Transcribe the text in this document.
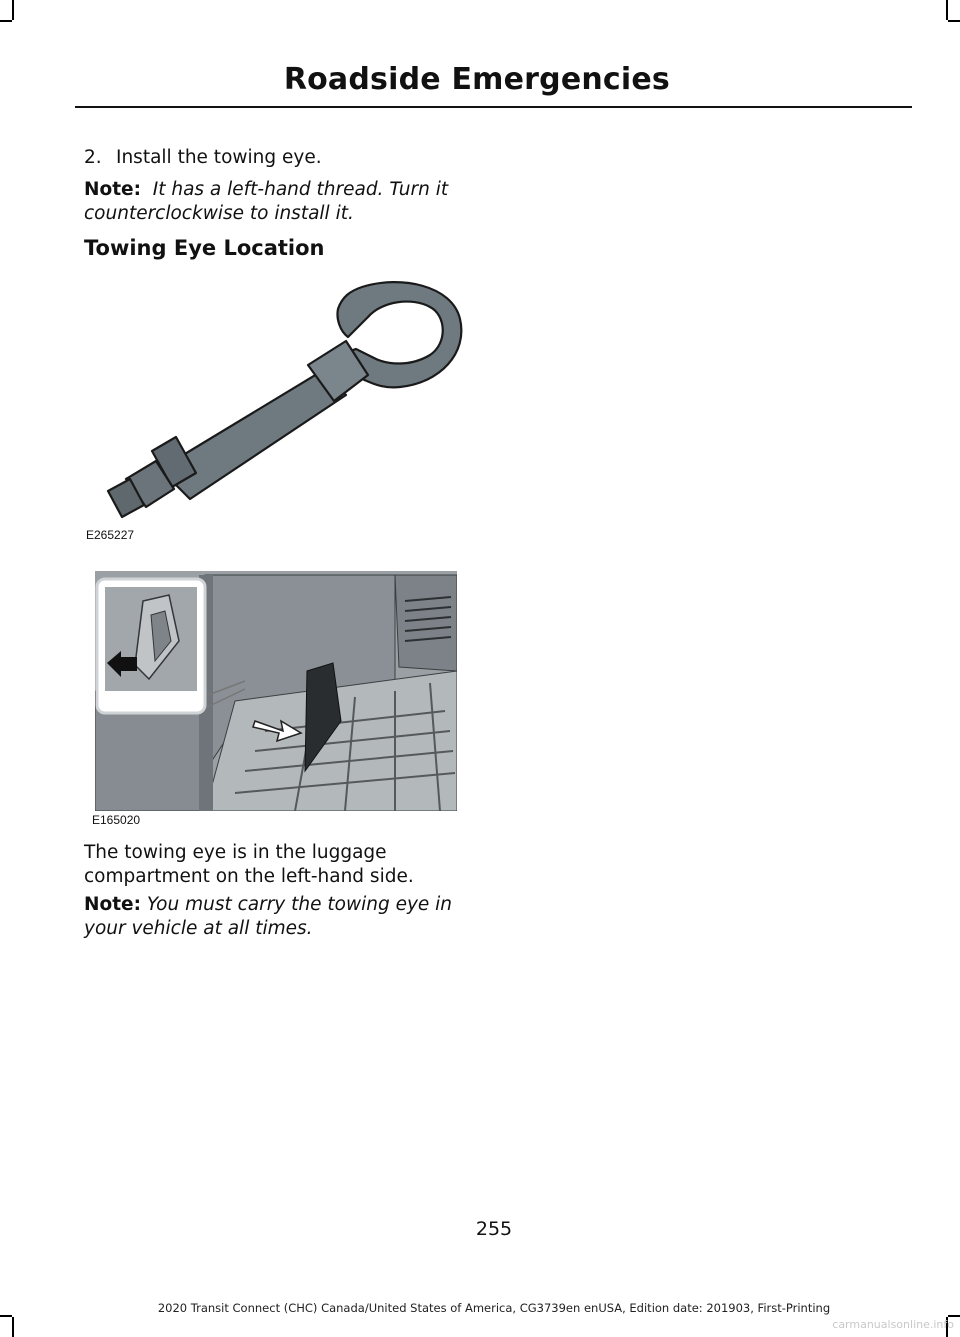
Roadside Emergencies
2. Install the towing eye.
Note: It has a left-hand thread. Turn it counterclockwise to install it.
Towing Eye Location
E265227
E165020
The towing eye is in the luggage compartment on the left-hand side.
Note: You must carry the towing eye in your vehicle at all times.
255
2020 Transit Connect (CHC) Canada/United States of America, CG3739en enUSA, Edition date: 201903, First-Printing
carmanualsonline.info
